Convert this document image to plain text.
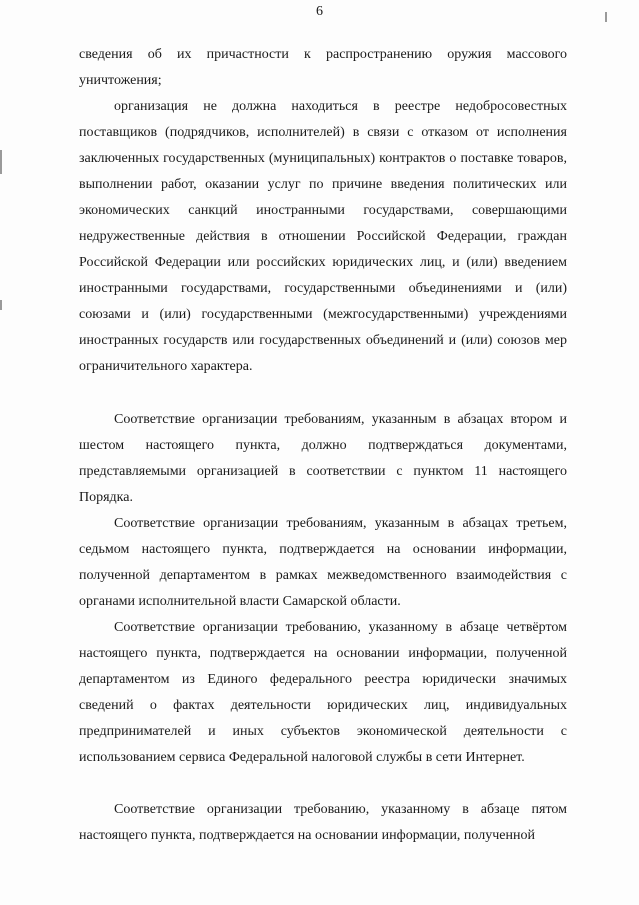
6

сведения об их причастности к распространению оружия массового уничтожения;

организация не должна находиться в реестре недобросовестных поставщиков (подрядчиков, исполнителей) в связи с отказом от исполнения заключенных государственных (муниципальных) контрактов о поставке товаров, выполнении работ, оказании услуг по причине введения политических или экономических санкций иностранными государствами, совершающими недружественные действия в отношении Российской Федерации, граждан Российской Федерации или российских юридических лиц, и (или) введением иностранными государствами, государственными объединениями и (или) союзами и (или) государственными (межгосударственными) учреждениями иностранных государств или государственных объединений и (или) союзов мер ограничительного характера.

Соответствие организации требованиям, указанным в абзацах втором и шестом настоящего пункта, должно подтверждаться документами, представляемыми организацией в соответствии с пунктом 11 настоящего Порядка.

Соответствие организации требованиям, указанным в абзацах третьем, седьмом настоящего пункта, подтверждается на основании информации, полученной департаментом в рамках межведомственного взаимодействия с органами исполнительной власти Самарской области.

Соответствие организации требованию, указанному в абзаце четвёртом настоящего пункта, подтверждается на основании информации, полученной департаментом из Единого федерального реестра юридически значимых сведений о фактах деятельности юридических лиц, индивидуальных предпринимателей и иных субъектов экономической деятельности с использованием сервиса Федеральной налоговой службы в сети Интернет.

Соответствие организации требованию, указанному в абзаце пятом настоящего пункта, подтверждается на основании информации, полученной
